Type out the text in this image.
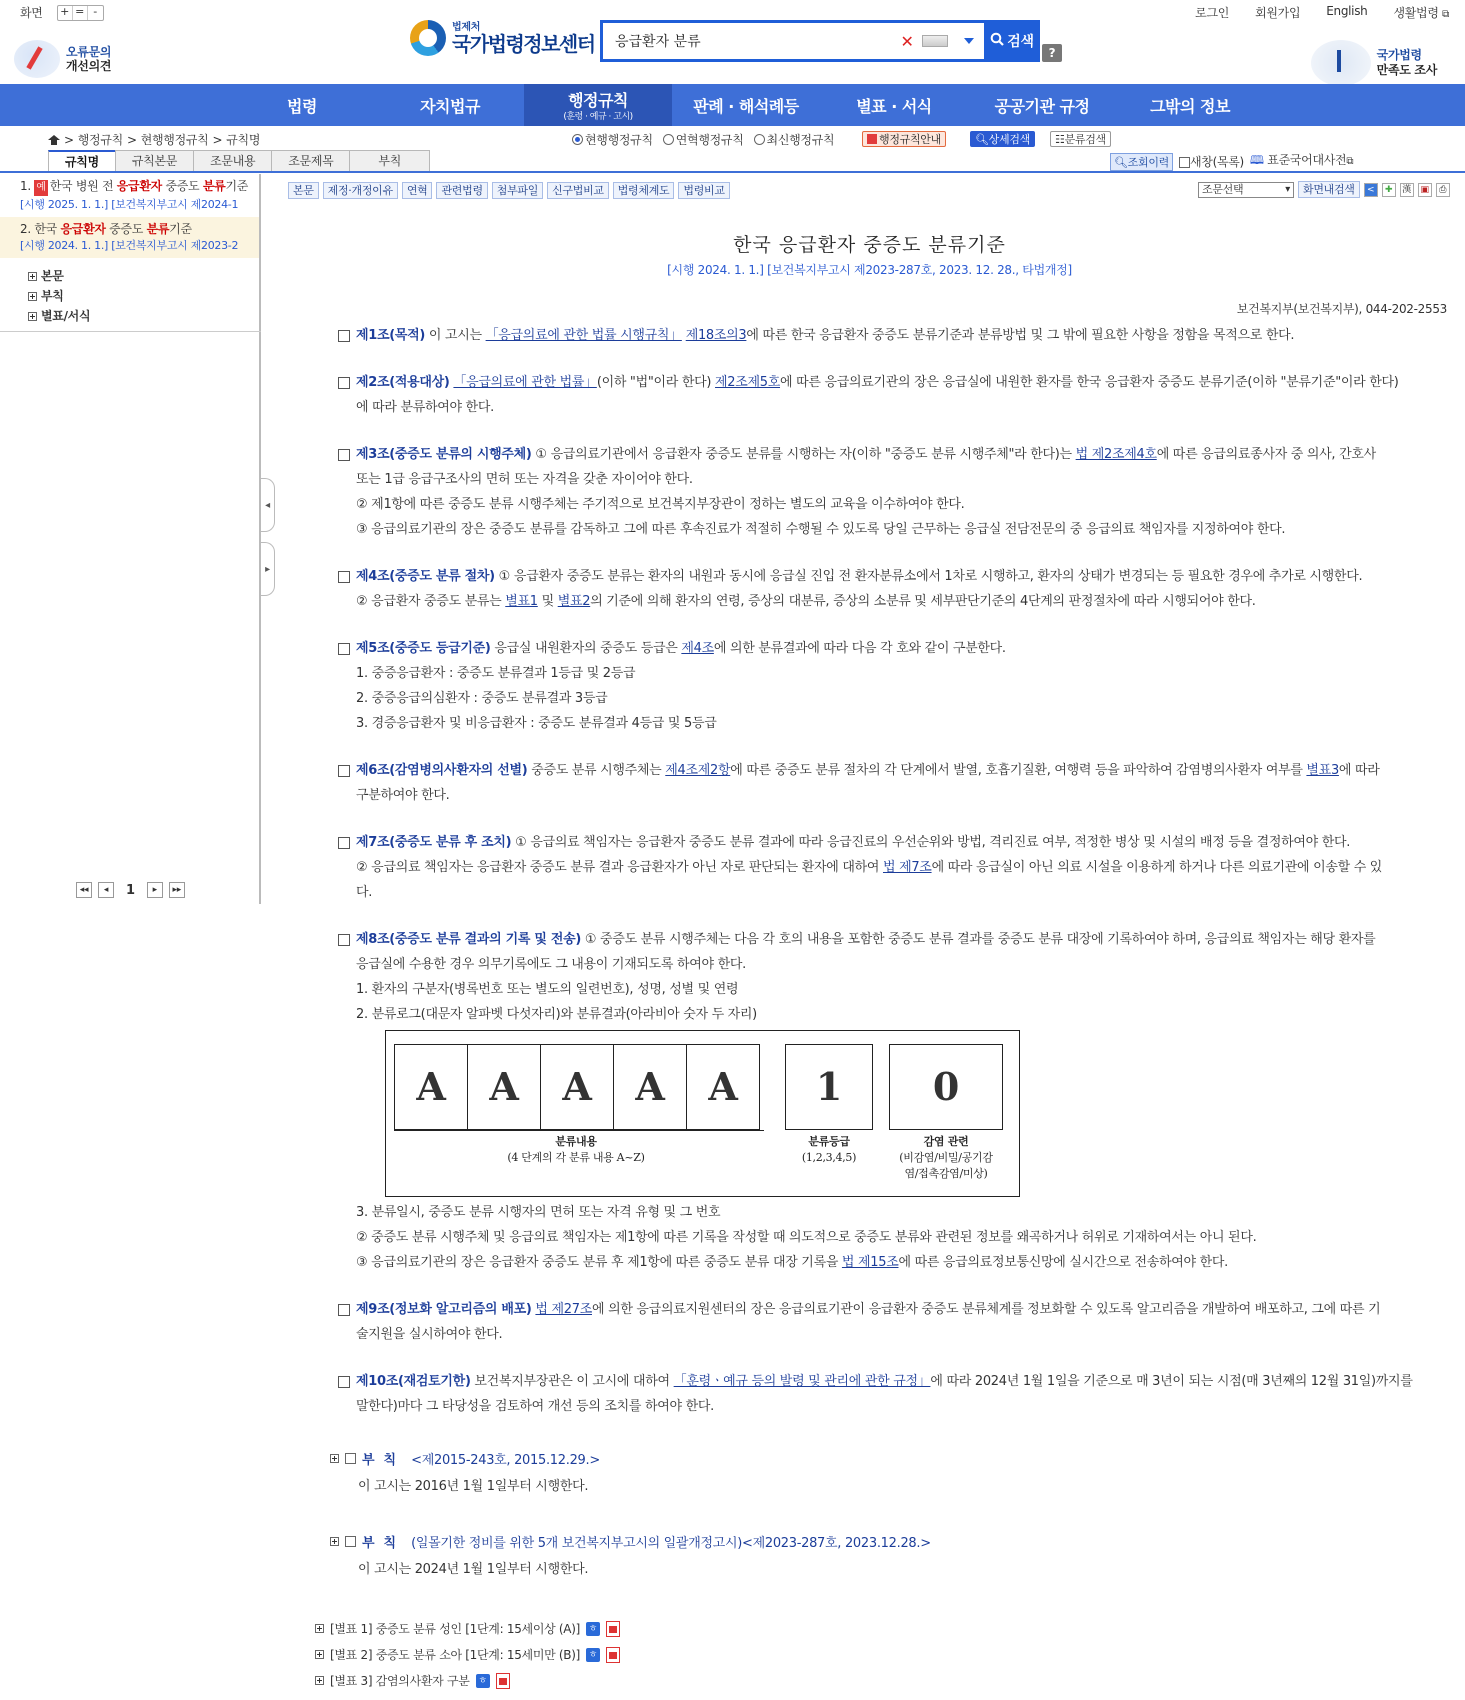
화면 + = -	로그인 회원가입 English 생활법령 ⧉
오류문의
개선의견
법제처
국가법령정보센터
응급환자 분류	✕	검색
?	국가법령
만족도 조사
법령	자치법규	행정규칙
(훈령 · 예규 · 고시)
판례 · 해석례등	별표 · 서식	공공기관 규정	그밖의 정보
> 행정규칙 > 현행행정규칙 > 규칙명	현행행정규칙 연혁행정규칙 최신행정규칙	행정규칙안내	🔍︎ 상세검색 ☷ 분류검색
규칙명	규칙본문	조문내용	조문제목	부칙	🔍︎조회이력	새창(목록) 🕮 표준국어대사전⧉
1. 예 한국 병원 전 응급환자 중증도 분류기준
[시행 2025. 1. 1.] [보건복지부고시 제2024-1
2. 한국 응급환자 중증도 분류기준
[시행 2024. 1. 1.] [보건복지부고시 제2023-2
본문
부칙
별표/서식
◂◂	◂	1	▸	▸▸
◂
▸
본문	제정·개정이유	연혁	관련법령	첨부파일	신구법비교	법령체계도	법령비교	조문선택 ▾	화면내검색	<	✚	漢	▣	⎙
한국 응급환자 중증도 분류기준
[시행 2024. 1. 1.] [보건복지부고시 제2023-287호, 2023. 12. 28., 타법개정]
보건복지부(보건복지부), 044-202-2553
제1조(목적) 이 고시는 「응급의료에 관한 법률 시행규칙」 제18조의3에 따른 한국 응급환자 중증도 분류기준과 분류방법 및 그 밖에 필요한 사항을 정함을 목적으로 한다.
제2조(적용대상) 「응급의료에 관한 법률」(이하 "법"이라 한다) 제2조제5호에 따른 응급의료기관의 장은 응급실에 내원한 환자를 한국 응급환자 중증도 분류기준(이하 "분류기준"이라 한다)
에 따라 분류하여야 한다.
제3조(중증도 분류의 시행주체) ① 응급의료기관에서 응급환자 중증도 분류를 시행하는 자(이하 "중증도 분류 시행주체"라 한다)는 법 제2조제4호에 따른 응급의료종사자 중 의사, 간호사
또는 1급 응급구조사의 면허 또는 자격을 갖춘 자이어야 한다.
② 제1항에 따른 중증도 분류 시행주체는 주기적으로 보건복지부장관이 정하는 별도의 교육을 이수하여야 한다.
③ 응급의료기관의 장은 중증도 분류를 감독하고 그에 따른 후속진료가 적절히 수행될 수 있도록 당일 근무하는 응급실 전담전문의 중 응급의료 책임자를 지정하여야 한다.
제4조(중증도 분류 절차) ① 응급환자 중증도 분류는 환자의 내원과 동시에 응급실 진입 전 환자분류소에서 1차로 시행하고, 환자의 상태가 변경되는 등 필요한 경우에 추가로 시행한다.
② 응급환자 중증도 분류는 별표1 및 별표2의 기준에 의해 환자의 연령, 증상의 대분류, 증상의 소분류 및 세부판단기준의 4단계의 판정절차에 따라 시행되어야 한다.
제5조(중증도 등급기준) 응급실 내원환자의 중증도 등급은 제4조에 의한 분류결과에 따라 다음 각 호와 같이 구분한다.
1. 중증응급환자 : 중증도 분류결과 1등급 및 2등급
2. 중증응급의심환자 : 중증도 분류결과 3등급
3. 경증응급환자 및 비응급환자 : 중증도 분류결과 4등급 및 5등급
제6조(감염병의사환자의 선별) 중증도 분류 시행주체는 제4조제2항에 따른 중증도 분류 절차의 각 단계에서 발열, 호흡기질환, 여행력 등을 파악하여 감염병의사환자 여부를 별표3에 따라
구분하여야 한다.
제7조(중증도 분류 후 조치) ① 응급의료 책임자는 응급환자 중증도 분류 결과에 따라 응급진료의 우선순위와 방법, 격리진료 여부, 적정한 병상 및 시설의 배정 등을 결정하여야 한다.
② 응급의료 책임자는 응급환자 중증도 분류 결과 응급환자가 아닌 자로 판단되는 환자에 대하여 법 제7조에 따라 응급실이 아닌 의료 시설을 이용하게 하거나 다른 의료기관에 이송할 수 있
다.
제8조(중증도 분류 결과의 기록 및 전송) ① 중증도 분류 시행주체는 다음 각 호의 내용을 포함한 중증도 분류 결과를 중증도 분류 대장에 기록하여야 하며, 응급의료 책임자는 해당 환자를
응급실에 수용한 경우 의무기록에도 그 내용이 기재되도록 하여야 한다.
1. 환자의 구분자(병록번호 또는 별도의 일련번호), 성명, 성별 및 연령
2. 분류로그(대문자 알파벳 다섯자리)와 분류결과(아라비아 숫자 두 자리)
3. 분류일시, 중증도 분류 시행자의 면허 또는 자격 유형 및 그 번호
② 중증도 분류 시행주체 및 응급의료 책임자는 제1항에 따른 기록을 작성할 때 의도적으로 중증도 분류와 관련된 정보를 왜곡하거나 허위로 기재하여서는 아니 된다.
③ 응급의료기관의 장은 응급환자 중증도 분류 후 제1항에 따른 중증도 분류 대장 기록을 법 제15조에 따른 응급의료정보통신망에 실시간으로 전송하여야 한다.
제9조(정보화 알고리즘의 배포) 법 제27조에 의한 응급의료지원센터의 장은 응급의료기관이 응급환자 중증도 분류체계를 정보화할 수 있도록 알고리즘을 개발하여 배포하고, 그에 따른 기
술지원을 실시하여야 한다.
제10조(재검토기한) 보건복지부장관은 이 고시에 대하여 「훈령ㆍ예규 등의 발령 및 관리에 관한 규정」에 따라 2024년 1월 1일을 기준으로 매 3년이 되는 시점(매 3년째의 12월 31일)까지를
말한다)마다 그 타당성을 검토하여 개선 등의 조치를 하여야 한다.
A	A	A	A	A	1	0
분류내용
(4 단계의 각 분류 내용 A~Z)
분류등급
(1,2,3,4,5)
감염 관련
(비감염/비밀/공기감
염/접촉감염/미상)
부칙 <제2015-243호, 2015.12.29.>
이 고시는 2016년 1월 1일부터 시행한다.
부칙 (일몰기한 정비를 위한 5개 보건복지부고시의 일괄개정고시)<제2023-287호, 2023.12.28.>
이 고시는 2024년 1월 1일부터 시행한다.
[별표 1] 중증도 분류 성인 [1단계: 15세이상 (A)] ㅎ
[별표 2] 중증도 분류 소아 [1단계: 15세미만 (B)] ㅎ
[별표 3] 감염의사환자 구분 ㅎ
